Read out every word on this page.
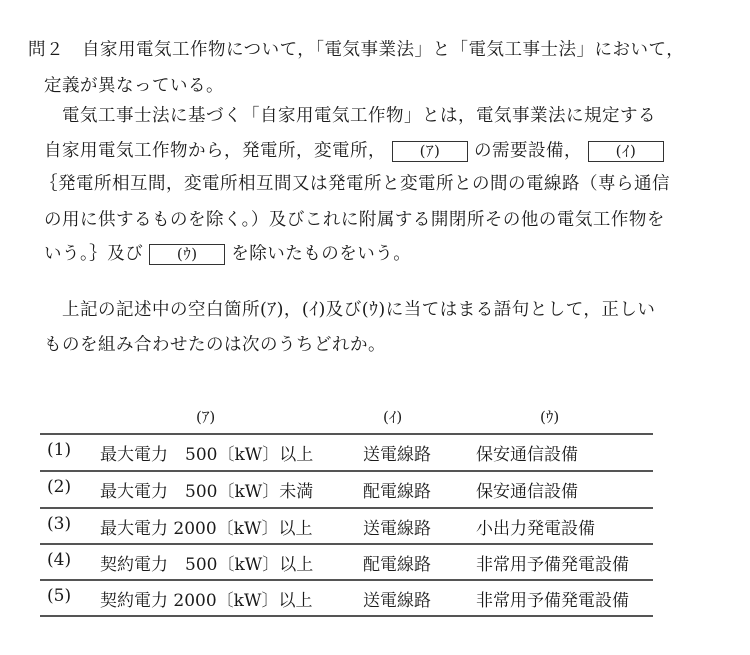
問２　 自家用電気工作物について，「電気事業法」と「電気工事士法」において，
定義が異なっている。
電気工事士法に基づく「自家用電気工作物」とは，電気事業法に規定する
自家用電気工作物から，発電所，変電所， (ｱ) の需要設備， (ｲ)
｛発電所相互間，変電所相互間又は発電所と変電所との間の電線路（専ら通信
の用に供するものを除く。）及びこれに附属する開閉所その他の電気工作物を
いう。｝及び (ｳ) を除いたものをいう。
上記の記述中の空白箇所(ｱ)，(ｲ)及び(ｳ)に当てはまる語句として，正しい
ものを組み合わせたのは次のうちどれか。
(ｱ)	(ｲ)	(ｳ)
(1) 最大電力　500〔kW〕以上	送電線路	保安通信設備
(2) 最大電力　500〔kW〕未満	配電線路	保安通信設備
(3) 最大電力 2000〔kW〕以上	送電線路	小出力発電設備
(4) 契約電力　500〔kW〕以上	配電線路	非常用予備発電設備
(5) 契約電力 2000〔kW〕以上	送電線路	非常用予備発電設備
